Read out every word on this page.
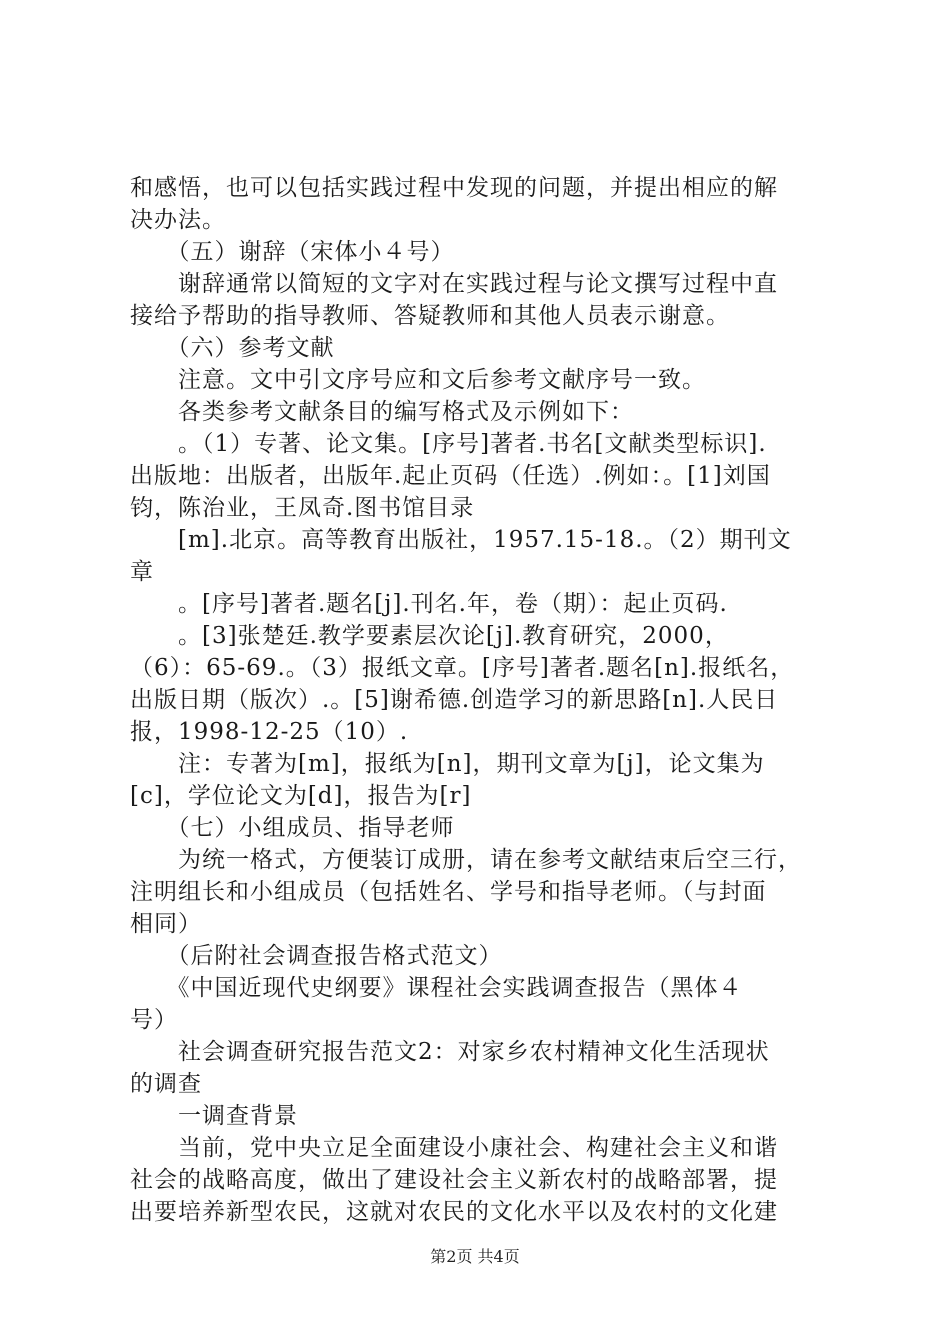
和感悟，也可以包括实践过程中发现的问题，并提出相应的解
决办法。
　　（五）谢辞（宋体小４号）
　　谢辞通常以简短的文字对在实践过程与论文撰写过程中直
接给予帮助的指导教师、答疑教师和其他人员表示谢意。
　　（六）参考文献
　　注意。文中引文序号应和文后参考文献序号一致。
　　各类参考文献条目的编写格式及示例如下：
　　。（1）专著、论文集。[序号]著者.书名[文献类型标识].
出版地：出版者，出版年.起止页码（任选）.例如：。[1]刘国
钧，陈治业，王凤奇.图书馆目录
　　[m].北京。高等教育出版社，1957.15-18.。（2）期刊文
章
　　。[序号]著者.题名[j].刊名.年，卷（期）：起止页码.
　　。[3]张楚廷.教学要素层次论[j].教育研究，2000，
（6）：65-69.。（3）报纸文章。[序号]著者.题名[n].报纸名，
出版日期（版次）.。[5]谢希德.创造学习的新思路[n].人民日
报，1998-12-25（10）.
　　注：专著为[m]，报纸为[n]，期刊文章为[j]，论文集为
[c]，学位论文为[d]，报告为[r]
　　（七）小组成员、指导老师
　　为统一格式，方便装订成册，请在参考文献结束后空三行，
注明组长和小组成员（包括姓名、学号和指导老师。（与封面
相同）
　　（后附社会调查报告格式范文）
　　《中国近现代史纲要》课程社会实践调查报告（黑体４
号）
　　社会调查研究报告范文2：对家乡农村精神文化生活现状
的调查
　　一调查背景
　　当前，党中央立足全面建设小康社会、构建社会主义和谐
社会的战略高度，做出了建设社会主义新农村的战略部署，提
出要培养新型农民，这就对农民的文化水平以及农村的文化建
第2页 共4页
